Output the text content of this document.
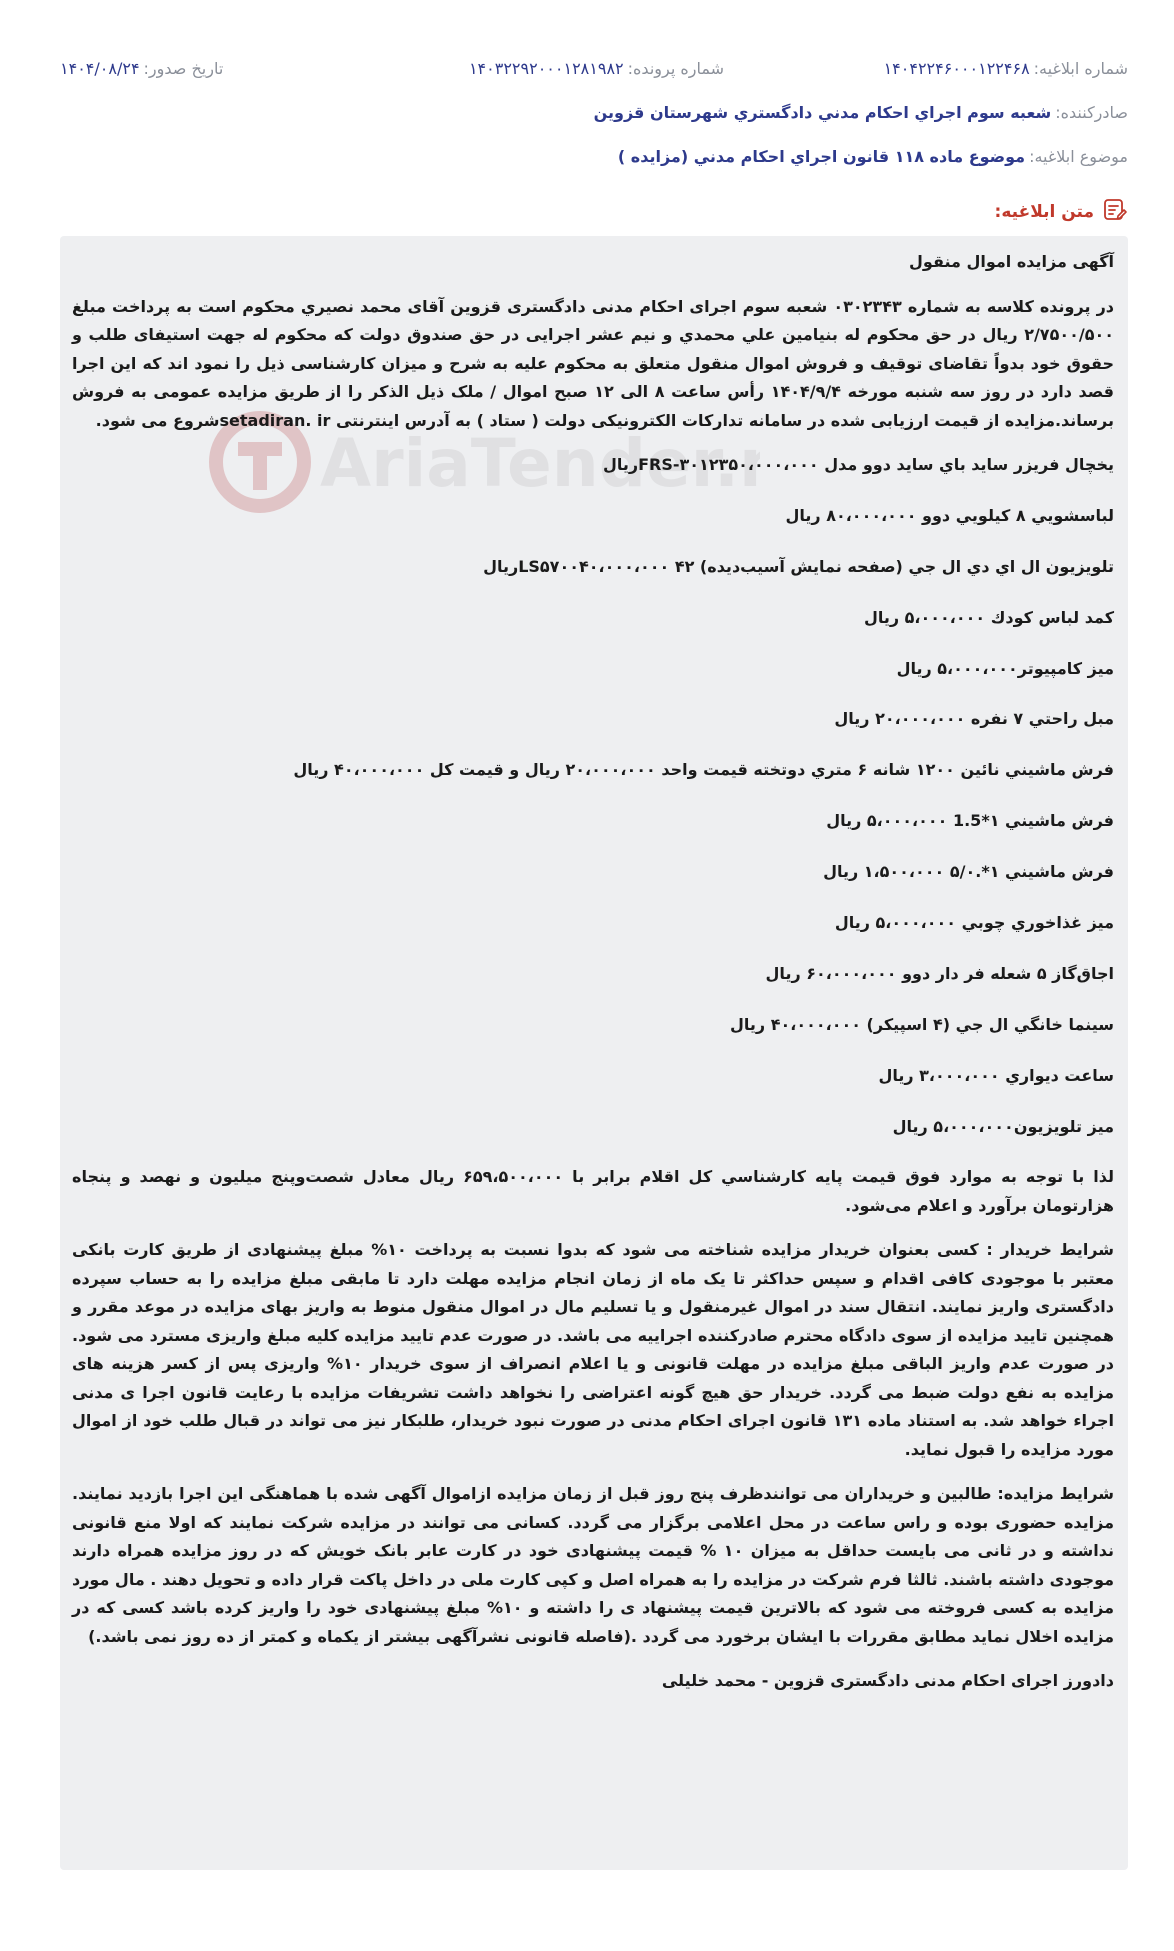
شماره ابلاغیه:
۱۴۰۴۲۲۴۶۰۰۰۱۲۲۴۶۸
شماره پرونده:
۱۴۰۳۲۲۹۲۰۰۰۱۲۸۱۹۸۲
تاریخ صدور:
۱۴۰۴/۰۸/۲۴
صادرکننده:
شعبه سوم اجراي احكام مدني دادگستري شهرستان قزوين
موضوع ابلاغیه:
موضوع ماده ۱۱۸ قانون اجراي احكام مدني (مزايده )
متن ابلاغیه:
AriaTender.

آگهی مزایده اموال منقول

در پرونده کلاسه به شماره ۰۳۰۲۳۴۳ شعبه سوم اجرای احکام مدنی دادگستری قزوین آقای محمد نصيري محکوم است به پرداخت مبلغ ۲/۷۵۰۰/۵۰۰ ريال در حق محکوم له بنيامين علي محمدي و نیم عشر اجرایی در حق صندوق دولت که محکوم له جهت استیفای طلب و حقوق خود بدواً تقاضای توقیف و فروش اموال منقول متعلق به محکوم علیه به شرح و میزان کارشناسی ذیل را نمود اند که این اجرا قصد دارد در روز سه شنبه مورخه ۱۴۰۴/۹/۴ رأس ساعت ۸ الی ۱۲ صبح اموال / ملک ذیل الذکر را از طریق مزایده عمومی به فروش برساند.مزایده از قیمت ارزیابی شده در سامانه تدارکات الکترونیکی دولت ( ستاد ) به آدرس اینترنتی setadiran. irشروع می شود.

يخچال فريزر ساید باي ساید دوو مدل FRS-۳۰۱۲۳۵۰،۰۰۰،۰۰۰ریال

لباسشويي ۸ كيلويي دوو ۸۰،۰۰۰،۰۰۰ ريال

تلويزيون ال اي دي ال جي (صفحه نمايش آسيب‌ديده) ۴۲ LS۵۷۰۰۴۰،۰۰۰،۰۰۰ریال

كمد لباس كودك ۵،۰۰۰،۰۰۰ ريال

ميز كامپيوتر۵،۰۰۰،۰۰۰ ريال

مبل راحتي ۷ نفره ۲۰،۰۰۰،۰۰۰ ريال

فرش ماشيني نائين ۱۲۰۰ شانه ۶ متري دوتخته قيمت واحد ۲۰،۰۰۰،۰۰۰ ريال و قيمت كل ۴۰،۰۰۰،۰۰۰ ريال

فرش ماشيني ۱*1.5 ۵،۰۰۰،۰۰۰ ريال

فرش ماشيني ۱*.۵/۰ ۱،۵۰۰،۰۰۰ ريال

ميز غذاخوري چوبي ۵،۰۰۰،۰۰۰ ريال

اجاق‌گاز ۵ شعله فر دار دوو ۶۰،۰۰۰،۰۰۰ ريال

سينما خانگي ال جي (۴ اسپيكر) ۴۰،۰۰۰،۰۰۰ ريال

ساعت ديواري ۳،۰۰۰،۰۰۰ ريال

ميز تلويزيون۵،۰۰۰،۰۰۰ ريال

لذا با توجه به موارد فوق قیمت پایه کارشناسي کل اقلام برابر با ۶۵۹،۵۰۰،۰۰۰ ریال معادل شصت‌وپنج میلیون و نهصد و پنجاه هزارتومان برآورد و اعلام می‌شود.

شرایط خریدار : کسی بعنوان خریدار مزایده شناخته می شود که بدوا نسبت به پرداخت ۱۰% مبلغ پیشنهادی از طریق کارت بانکی معتبر با موجودی کافی اقدام و سپس حداکثر تا یک ماه از زمان انجام مزایده مهلت دارد تا مابقی مبلغ مزایده را به حساب سپرده دادگستری واریز نمایند. انتقال سند در اموال غیرمنقول و یا تسلیم مال در اموال منقول منوط به واریز بهای مزایده در موعد مقرر و همچنین تایید مزایده از سوی دادگاه محترم صادرکننده اجراییه می باشد. در صورت عدم تایید مزایده کلیه مبلغ واریزی مسترد می شود. در صورت عدم واریز الباقی مبلغ مزایده در مهلت قانونی و یا اعلام انصراف از سوی خریدار ۱۰% واریزی پس از کسر هزینه های مزایده به نفع دولت ضبط می گردد. خریدار حق هیچ گونه اعتراضی را نخواهد داشت تشریفات مزایده با رعایت قانون اجرا ی مدنی اجراء خواهد شد. به استناد ماده ۱۳۱ قانون اجرای احکام مدنی در صورت نبود خریدار، طلبکار نیز می تواند در قبال طلب خود از اموال مورد مزایده را قبول نماید.

شرایط مزایده: طالبین و خریداران می توانندظرف پنج روز قبل از زمان مزایده ازاموال آگهی شده با هماهنگی این اجرا بازدید نمایند. مزایده حضوری بوده و راس ساعت در محل اعلامی برگزار می گردد. کسانی می توانند در مزایده شرکت نمایند که اولا منع قانونی نداشته و در ثانی می بایست حداقل به میزان ۱۰ % قیمت پیشنهادی خود در کارت عابر بانک خویش که در روز مزایده همراه دارند موجودی داشته باشند. ثالثا فرم شرکت در مزایده را به همراه اصل و کپی کارت ملی در داخل پاکت قرار داده و تحویل دهند . مال مورد مزایده به کسی فروخته می شود که بالاترین قیمت پیشنهاد ی را داشته و ۱۰% مبلغ پیشنهادی خود را واریز کرده باشد کسی که در مزایده اخلال نماید مطابق مقررات با ایشان برخورد می گردد .(فاصله قانونی نشرآگهی بیشتر از یکماه و کمتر از ده روز نمی باشد.)

دادورز اجرای احکام مدنی دادگستری قزوین - محمد خلیلی
